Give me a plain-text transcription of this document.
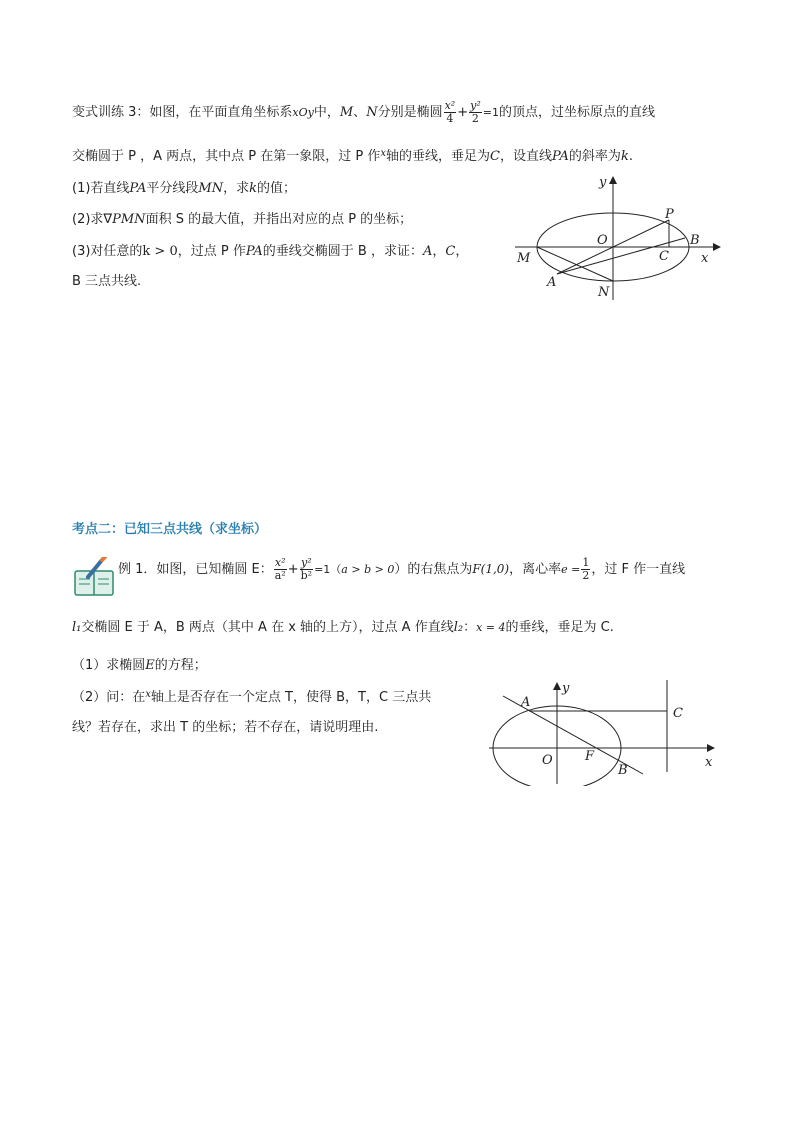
变式训练 3：如图，在平面直角坐标系xOy中，M、N分别是椭圆 $\frac{\text{x²}}{4} + \frac{\text{y²}}{2} =1$的顶点，过坐标原点的直线
交椭圆于 P ，A 两点，其中点 P 在第一象限，过 P 作$^x$轴的垂线，垂足为C，设直线PA的斜率为k.
(1)若直线PA平分线段MN，求k的值；
(2)求∇PMN面积 S 的最大值，并指出对应的点 P 的坐标；
(3)对任意的k > 0，过点 P 作PA的垂线交椭圆于 B ，求证：A，C，
B 三点共线.
y
P
O	B
M	C x
A
N
考点二：已知三点共线（求坐标）
例 1．如图，已知椭圆 E： $\frac{\text{x²}}{\text{a²}} + \frac{\text{y²}}{\text{b²}} =1(a > b > 0)$的右焦点为F(1,0)，离心率$e = \frac{1}{2}$ ，过 F 作一直线
l₁交椭圆 E 于 A，B 两点（其中 A 在 x 轴的上方），过点 A 作直线l₂：x = 4的垂线，垂足为 C.
（1）求椭圆E的方程；
（2）问：在$^x$轴上是否存在一个定点 T，使得 B，T，C 三点共
线？若存在，求出 T 的坐标；若不存在，请说明理由.
y
A
C
O F
B
x
